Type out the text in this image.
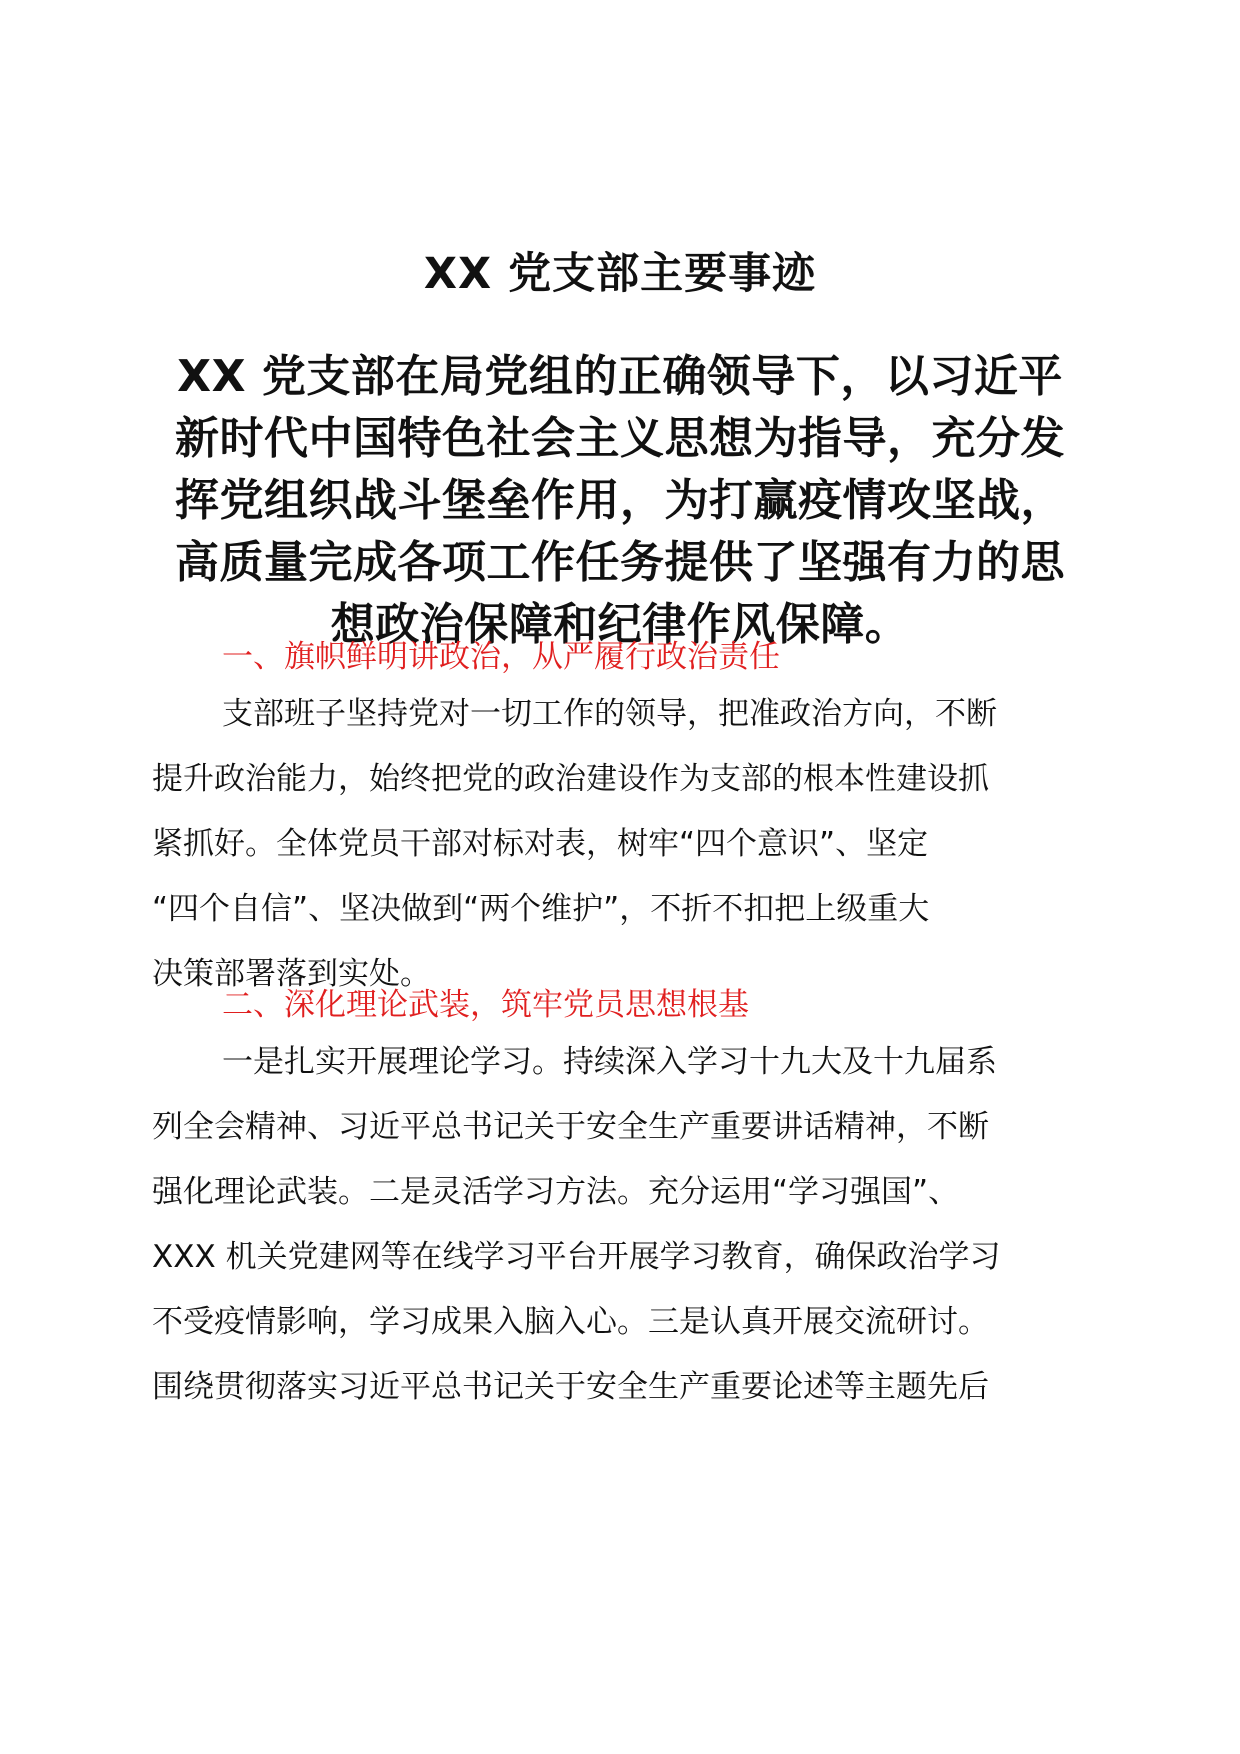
XX 党支部主要事迹
XX 党支部在局党组的正确领导下，以习近平
新时代中国特色社会主义思想为指导，充分发
挥党组织战斗堡垒作用，为打赢疫情攻坚战，
高质量完成各项工作任务提供了坚强有力的思
想政治保障和纪律作风保障。
一、旗帜鲜明讲政治，从严履行政治责任
支部班子坚持党对一切工作的领导，把准政治方向，不断
提升政治能力，始终把党的政治建设作为支部的根本性建设抓
紧抓好。全体党员干部对标对表，树牢“四个意识”、坚定
“四个自信”、坚决做到“两个维护”，不折不扣把上级重大
决策部署落到实处。
二、深化理论武装，筑牢党员思想根基
一是扎实开展理论学习。持续深入学习十九大及十九届系
列全会精神、习近平总书记关于安全生产重要讲话精神，不断
强化理论武装。二是灵活学习方法。充分运用“学习强国”、
XXX 机关党建网等在线学习平台开展学习教育，确保政治学习
不受疫情影响，学习成果入脑入心。三是认真开展交流研讨。
围绕贯彻落实习近平总书记关于安全生产重要论述等主题先后
